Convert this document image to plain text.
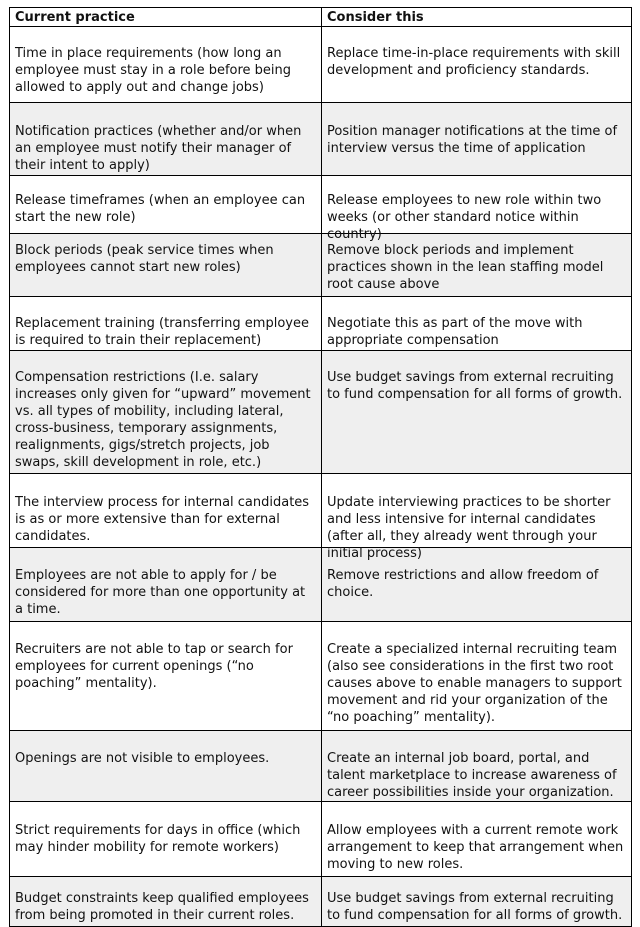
Current practice	Consider this
Time in place requirements (how long an employee must stay in a role before being allowed to apply out and change jobs)
Replace time-in-place requirements with skill development and proficiency standards.
Notification practices (whether and/or when an employee must notify their manager of their intent to apply)
Position manager notifications at the time of interview versus the time of application
Release timeframes (when an employee can start the new role)
Release employees to new role within two weeks (or other standard notice within country)
Block periods (peak service times when employees cannot start new roles)
Remove block periods and implement practices shown in the lean staffing model root cause above
Replacement training (transferring employee is required to train their replacement)
Negotiate this as part of the move with appropriate compensation
Compensation restrictions (I.e. salary increases only given for “upward” movement vs. all types of mobility, including lateral, cross-business, temporary assignments, realignments, gigs/stretch projects, job swaps, skill development in role, etc.)
Use budget savings from external recruiting to fund compensation for all forms of growth.
The interview process for internal candidates is as or more extensive than for external candidates.
Update interviewing practices to be shorter and less intensive for internal candidates (after all, they already went through your initial process)
Employees are not able to apply for / be considered for more than one opportunity at a time.
Remove restrictions and allow freedom of choice.
Recruiters are not able to tap or search for employees for current openings (“no poaching” mentality).
Create a specialized internal recruiting team (also see considerations in the first two root causes above to enable managers to support movement and rid your organization of the “no poaching” mentality).
Openings are not visible to employees.	Create an internal job board, portal, and talent marketplace to increase awareness of career possibilities inside your organization.
Strict requirements for days in office (which may hinder mobility for remote workers)
Allow employees with a current remote work arrangement to keep that arrangement when moving to new roles.
Budget constraints keep qualified employees from being promoted in their current roles.
Use budget savings from external recruiting to fund compensation for all forms of growth.
